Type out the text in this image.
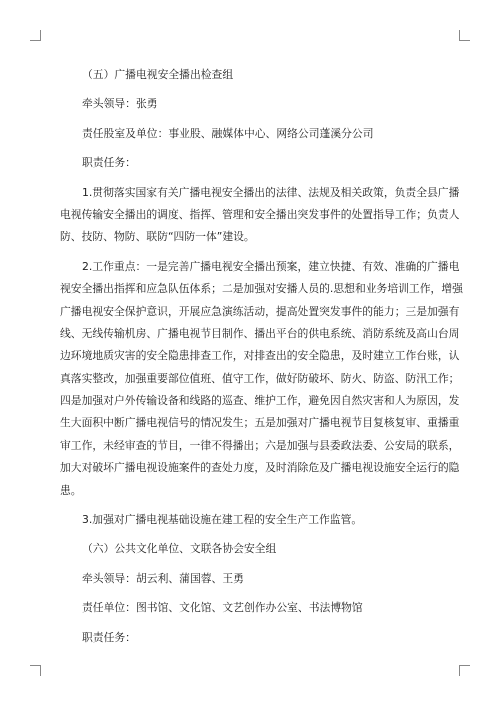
（五）广播电视安全播出检查组
牵头领导：张勇
责任股室及单位：事业股、融媒体中心、网络公司蓬溪分公司
职责任务：
1.贯彻落实国家有关广播电视安全播出的法律、法规及相关政策，负责全县广播
电视传输安全播出的调度、指挥、管理和安全播出突发事件的处置指导工作；负责人
防、技防、物防、联防“四防一体”建设。
2.工作重点：一是完善广播电视安全播出预案，建立快捷、有效、准确的广播电
视安全播出指挥和应急队伍体系；二是加强对安播人员的.思想和业务培训工作，增强
广播电视安全保护意识，开展应急演练活动，提高处置突发事件的能力；三是加强有
线、无线传输机房、广播电视节目制作、播出平台的供电系统、消防系统及高山台周
边环境地质灾害的安全隐患排查工作，对排查出的安全隐患，及时建立工作台账，认
真落实整改，加强重要部位值班、值守工作，做好防破坏、防火、防盗、防汛工作；
四是加强对户外传输设备和线路的巡查、维护工作，避免因自然灾害和人为原因，发
生大面积中断广播电视信号的情况发生；五是加强对广播电视节目复核复审、重播重
审工作，未经审查的节目，一律不得播出；六是加强与县委政法委、公安局的联系，
加大对破坏广播电视设施案件的查处力度，及时消除危及广播电视设施安全运行的隐
患。
3.加强对广播电视基础设施在建工程的安全生产工作监管。
（六）公共文化单位、文联各协会安全组
牵头领导：胡云利、蒲国蓉、王勇
责任单位：图书馆、文化馆、文艺创作办公室、书法博物馆
职责任务：
